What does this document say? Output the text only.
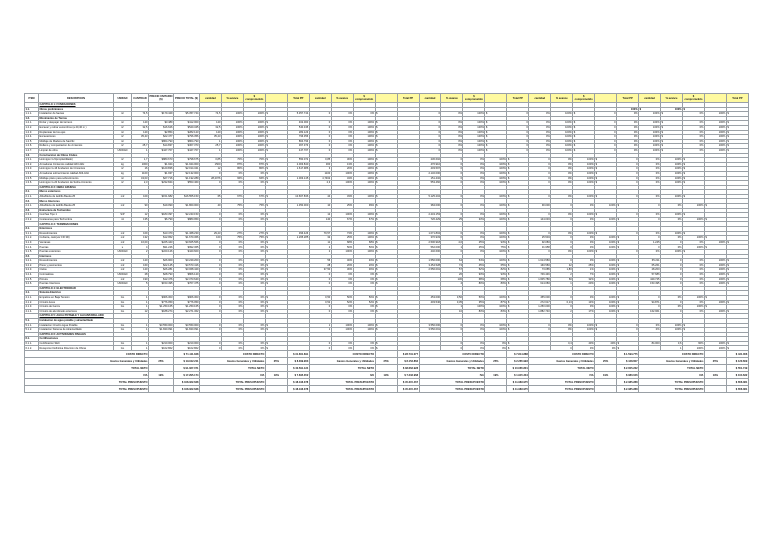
ITEM	DESCRIPCION	UNIDAD	CANTIDAD	PRECIO UNITARIO ($)	PRECIO TOTAL ($)	cantidad	% avance	$ comprometido		Total PP	cantidad	% avance	$ comprometido		Total PP	cantidad	% avance	$ comprometido		Total PP	cantidad	% avance	$ comprometido		Total PP	cantidad	% avance	$ comprometido		Total PP
	CAPITULO 1: FUNDACIONES																													
1.1.	Obras preliminares																								100%	$	100%	$		
1.1.1.	Instalacion de faenas	m²	74,5	$179.429	$5.357.744	74,5	100%	100%	$	5.357.744	0	0%	0%	$		0	0%	100%	$	0	0%	100%	$	0	0%	100%	$	0%	100%	$
1.2.	Movimiento de Tierras																													
1.2.1.	Rozar y despejar del terreno	m²	120	$3.489	$412.000	120	100%	100%	$	462.000	0	0%	100%	$		0	0%	100%	$	0	0%	100%	$	0	0%	100%	$	0%	100%	$
1.2.2.	Excavar y retirar escombros (a 40,40 m )	m³	32,5	$16.626	$540.345	32,5	100%	100%	$	540.345	0	0%	100%	$		0	0%	100%	$	0	0%	100%	$	0	0%	100%	$	0%	100%	$
1.2.3.	Replantear de los ejes	m²	120	$2.854	$282.123	120	100%	100%	$	282.123	0	0%	100%	$		0	0%	100%	$	0	0%	100%	$	0	0%	100%	$	0%	100%	$
1.2.4.	Excavaciones	m³	35,43	$22.477	$796.356	35,43	100%	100%	$	796.356	0	0%	100%	$		0	0%	100%	$	0	0%	100%	$	0	0%	100%	$	0%	100%	$
1.2.5.	Moldaje de Madera de Sacrilic	m²		$864.793	$864.793	1	100%	100%	$	864.793	0	0%	100%	$		0	0%	100%	$	0	0%	100%	$	0	0%	100%	$	0%	100%	$
1.2.6.	Relleno y compactacion de cimientos	m³	25,7	$14.837	$367.373	25,7	100%	100%	$	367.373	0	0%	100%	$		0	0%	100%	$	0	0%	100%	$	0	0%	100%	$	0%	100%	$
1.2.7.	Limpiar de obra	UNIDAD	1	$447.707	$447.707	1	100%	100%	$	447.707	0	0%	100%	$		0	0%	100%	$	0	0%	100%	$	0	0%	100%	$	0%	100%	$
1.3.	Construccion de Obras Civiles																													
1.3.1.	Hormigon G-5(emplantillado)	m³	1,7	$880.673	$798.675	0,85	70%	70%	$	550.072	0,85	30%	100%	$		236.602	0	0%	100%	$	0	0%	100%	$	0	0%	100%	$		
1.3.2.	Armaduras Cimientos calidad A63-42H	kg	1000	$1.924	$1.924.000	1500	87%	87%	$	2.003.840	300	13%	100%	$		476.910	0	0%	100%	$	0	0%	100%	$	0	0%	100%	$		
1.3.3.	Hormigon G-16 fundacion de Cimientos	m³	16	$120.836	$2.014.341	12	80%	80%	$	1.617.986	3	20%	100%	$		403.597	0	0%	100%	$	0	0%	100%	$	0	0%	100%	$		
1.3.4.	Armaduras sobrecimiento calidad A63-42H	kg	1100	$1.937	$2.132.000	0	0%	0%	$		1100	100%	100%	$		2.132.000	0	0%	100%	$	0	0%	100%	$	0	0%	100%	$		
1.3.5.	Moldaje plano para sobrecimiento	m²	43,03	$27.716	$1.192.289	28,2076	66%	66%	$	1.003.145	4,7462	34%	100%	$		151.432	0	0%	100%	$	0	0%	100%	$	0	0%	100%	$		
1.3.6.	Hormigon G-20 fundacion de Sobre-Cimiento	m³	2,3	$232.844	$553.460	0	0%	0%	$		2,3	100%	100%	$		553.460	0	0%	100%	$	0	0%	100%	$	0	0%	100%	$		
	CAPITULO 2: OBRA GRUESA																													
2.1.	Muros exteriores																													
2.1.1.	Albañileria de ladrillo Bautia 25	m2	109	$151.682	$16.555.153	65	67%	67%	$	10.667.836	44	33%	100%	$		5.125.204	0	0%	100%	$	0	0%	100%	$	0	0%	100%	$		
2.2.	Muros Interiores																													
2.2.1.	Albañileria de ladrillo Bautia 25	m2	90	$19.090	$1.800.000	40	75%	75%	$	1.350.000	10	25%	99%	$		384.000	0	0%	100%	$	90.000	0	0%	100%	$	0	0%	100%	$	
2.3.	Estructura de Techumbre																													
2.3.1.	Cerchas Tipo 1	S/P	12	$183.397	$2.243.153	0	0%	0%	$		12	100%	100%	$		2.243.153	0	0%	100%	$	0	0%	100%	$	0	0%	100%	$		
2.3.2.	Costaneras para Techumbre	ml	135	$6.790	$880.950	0	0%	0%	$		140	67%	67%	$		726.429	25	33%	100%	$	144.033	0	0%	100%	$	0	0%	100%	$	
	CAPITULO 3: TERMINACIONES																													
3.1.	Exteriores																													
3.1.1.	Revestimientos	m2	109	$13.470	$1.468.230	29,43	27%	27%	$	396.426	79,57	73%	100%	$		1.071.804	0	0%	100%	$	0	0%	100%	$	0	0%	100%	$		
3.1.2.	Cubierta, cielo(ver FR 3D)	m2	132	$12.952	$1.670.366	100	75%	75%	$	1.265.285	32	25%	100%	$		370.933	0	0%	100%	$	25.504	0	0%	100%	$	0	0%	100%	$	
3.1.3.	Ventanas	m2	16,00	$225.443	$3.605.566	0	0%	0%	$		11	68%	68%	$		2.500.918	4,0	25%	93%	$	92.083	0	0%	100%	$	1.245	0	0%	100%	$
3.1.4.	Puertas	u	4	$91.246	$992.365	0	0%	0%	$		2	50%	50%	$		562.000	1	25%	75%	$	31.958	0	0%	100%	$	0	0%	100%	$	
3.1.5.	Puertas exteriores	UNIDAD	2	$220.126	$440.600	0	0%	0%	$		2	100%	100%	$		440.600	0	0%	100%	$	0	0%	100%	$	0	0%	100%	$		
3.2.	Interiores																													
3.2.1.	Revestimientos	m2	120	$26.900	$3.229.200	0	0%	0%	$		56	46%	46%	$		1.550.000	64	54%	100%	$	1.614.583	0	0%	100%	$	65.211	0	0%	100%	$
3.2.2.	Pisos y pavimentos	m2	160	$22.145	$3.573.416	0	0%	0%	$		28	20%	20%	$		3.454.528	74	45%	65%	$	160.583	42	25%	100%	$	65.261	0	0%	100%	$
3.2.3.	Cielos	m2	120	$26.281	$3.068.429	0	0%	0%	$		37,50	30%	30%	$		2.556.091	57	52%	82%	$	73.085	1,80	1%	100%	$	28.200	0	0%	100%	$
3.2.4.	Cornisaltrea	UNIDAD	28	$28.793	$806.120	0	0%	0%	$		0	0%	0%	$			26	93%	93%	$	746.446	2	7%	100%	$	57.686	0	0%	100%	$
3.2.5.	Pintura	m2	190	$12.476	$2.373.640	0	0%	0%	$		0	0%	0%	$			130	68%	68%	$	1.605.780	60	32%	100%	$	429.725	0	0%	100%	$
3.2.6.	Puertas Interiores	UNIDAD	5	$153.495	$767.475	0	0%	0%	$		0	0%	0%	$			4	80%	80%	$	614.083	1	20%	100%	$	153.495	0	0%	100%	$
	CAPITULO 4: ELECTRICIDAD																													
4.1.	Sistema Electrico																													
4.1.1.	Empalme en Baja Tension	GL	1	$906.303	$906.303	0	0%	0%	$		0,50	50%	50%	$		453.000	0,50	50%	100%	$	455.000	0	0%	100%	$	0	0%	100%	$	
4.1.2.	Circuito luces	GL	1	$776.050	$776.050	0	0%	0%	$		0,52	52%	52%	$		403.546	0,35	35%	87%	$	272.617	0,13	13%	100%	$	94.871	0	0%	100%	$
4.1.3.	Circuito de fuerza	GL	1	$1.250.165	$1.250.165	0	0%	0%	$		0	0%	0%	$			1	100%	100%	$	1.250.000	0	0%	100%	$	0	0%	100%	$	
4.1.4.	Circuito de alumbrado exteriores	GL	12	$188.274	$2.271.362	0	0%	0%	$		0	0%	0%	$			10	83%	83%	$	1.882.740	2	17%	100%	$	162.961	0	0%	100%	$
	CAPITULO 5: AGUA POTABLE Y ALCANTARILLADO																													
5.1.	Instalacion de agua potable y alcantarillado																													
5.1.1.	Instalacion Cirucito Agua Potable	GL	1	$3.550.000	$3.550.000	0	0%	0%	$		1	100%	100%	$		3.550.000	0	0%	100%	$	0	0%	100%	$	0	0%	100%	$		
5.1.2.	Instalacion Sistema de Alcantarillado	GL	1	$1.820.091	$1.820.091	0	0%	0%	$		1	100%	100%	$		3.550.091	0	0%	100%	$	0	0%	100%	$	0	0%	100%	$		
	CAPITULO 6: ACTIVIDADES FINALES																													
6.1.	Certificaciones																													
6.1.1.	Certificacion SEC	GL	1	$210.000	$210.000	0	0%	0%	$		0	0%	0%	$			0	0%	0%	$		0,4	40%	40%	$	84.000	0,6	60%	100%	$
6.1.2.	Recepcion Definitiva Direccion de Obras	GL	1	$162.862	$162.862	0	0%	0%	$		0	0%	0%	$			0	0%	0%	$		0	0%	0%	$		1	100%	100%	$
COSTO DIRECTO					$ 71.111.848	COSTO DIRECTO				$ 31.661.691	COSTO DIRECTO				$ 28.731.077	COSTO DIRECTO				$ 7.814.888	COSTO DIRECTO				$ 1.593.775	COSTO DIRECTO				$ 431.006
Gastos Generales y Utilidades				25%	$ 19.912.211	Gastos Generales y Utilidades			25%	$ 8.099.963	Gastos Generales y Utilidades			25%	$ 8.153.862	Gastos Generales y Utilidades			25%	$ 2.265.993	Gastos Generales y Utilidades			25%	$ 448.607	Gastos Generales y Utilidades			25%	$ 120.609
TOTAL NETO					$ 91.027.071	TOTAL NETO				$ 40.591.124	TOTAL NETO				$ 38.663.928	TOTAL NETO				$ 10.065.801	TOTAL NETO				$ 2.005.232	TOTAL NETO				$ 551.749
IVA				19%	$ 17.295.174	IVA			19%	$ 7.695.352	IVA			19%	$ 7.233.968	IVA			19%	$ 1.915.334	IVA			19%	$ 380.046	IVA			19%	$ 104.632
TOTAL PRESUPUESTO					$ 108.322.628	TOTAL PRESUPUESTO				$ 48.196.078	TOTAL PRESUPUESTO				$ 45.315.467	TOTAL PRESUPUESTO				$ 11.983.975	TOTAL PRESUPUESTO				$ 2.385.288	TOTAL PRESUPUESTO				$ 656.381
TOTAL PRESUPUESTO					$ 108.322.628	TOTAL PRESUPUESTO				$ 48.196.078	TOTAL PRESUPUESTO				$ 45.315.467	TOTAL PRESUPUESTO				$ 11.983.975	TOTAL PRESUPUESTO				$ 2.385.288	TOTAL PRESUPUESTO				$ 656.381
